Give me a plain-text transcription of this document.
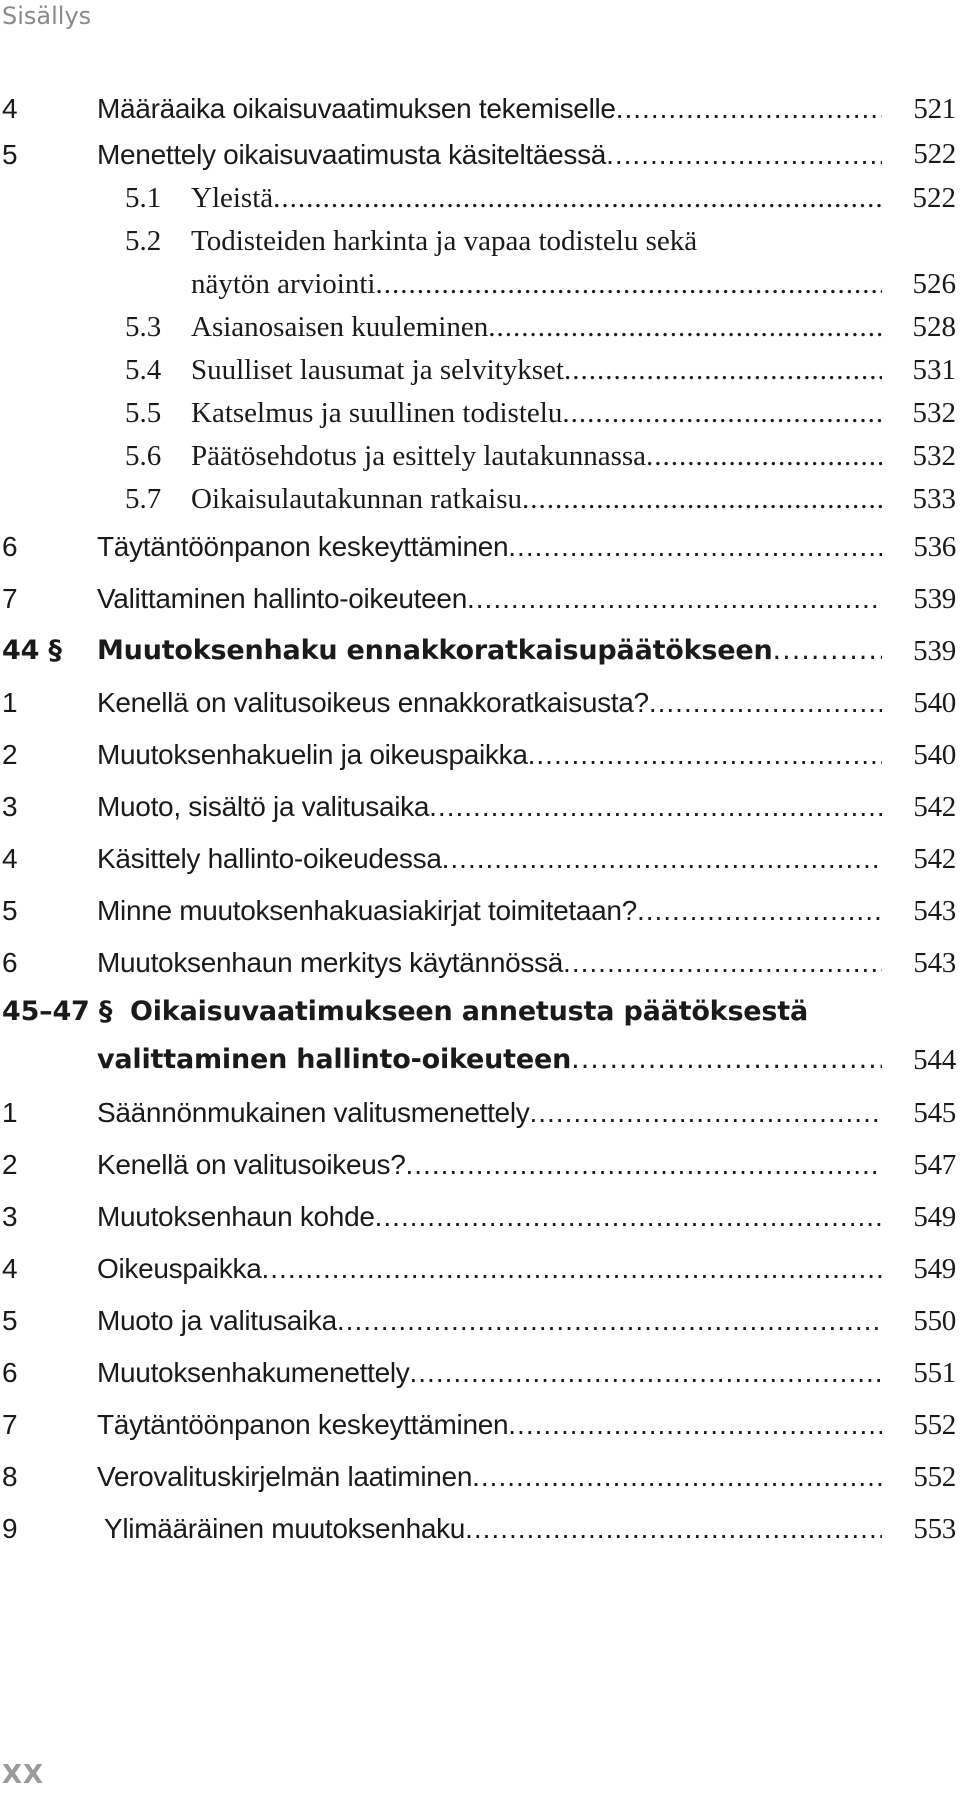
Sisällys
4	Määräaika oikaisuvaatimuksen tekemiselle .....	521
5	Menettely oikaisuvaatimusta käsiteltäessä .....	522
5.1 Yleistä .....	522
5.2 Todisteiden harkinta ja vapaa todistelu sekä
näytön arviointi .....	526
5.3 Asianosaisen kuuleminen .....	528
5.4 Suulliset lausumat ja selvitykset .....	531
5.5 Katselmus ja suullinen todistelu .....	532
5.6 Päätösehdotus ja esittely lautakunnassa .....	532
5.7 Oikaisulautakunnan ratkaisu .....	533
6	Täytäntöönpanon keskeyttäminen .....	536
7	Valittaminen hallinto-oikeuteen .....	539
44 § Muutoksenhaku ennakkoratkaisupäätökseen .....	539
1	Kenellä on valitusoikeus ennakkoratkaisusta? .....	540
2	Muutoksenhakuelin ja oikeuspaikka .....	540
3	Muoto, sisältö ja valitusaika .....	542
4	Käsittely hallinto-oikeudessa .....	542
5	Minne muutoksenhakuasiakirjat toimitetaan? .....	543
6	Muutoksenhaun merkitys käytännössä .....	543
45–47 § Oikaisuvaatimukseen annetusta päätöksestä
valittaminen hallinto-oikeuteen .....	544
1	Säännönmukainen valitusmenettely .....	545
2	Kenellä on valitusoikeus? .....	547
3	Muutoksenhaun kohde .....	549
4	Oikeuspaikka .....	549
5	Muoto ja valitusaika .....	550
6	Muutoksenhakumenettely .....	551
7	Täytäntöönpanon keskeyttäminen .....	552
8	Verovalituskirjelmän laatiminen .....	552
9	Ylimääräinen muutoksenhaku .....	553
XX
